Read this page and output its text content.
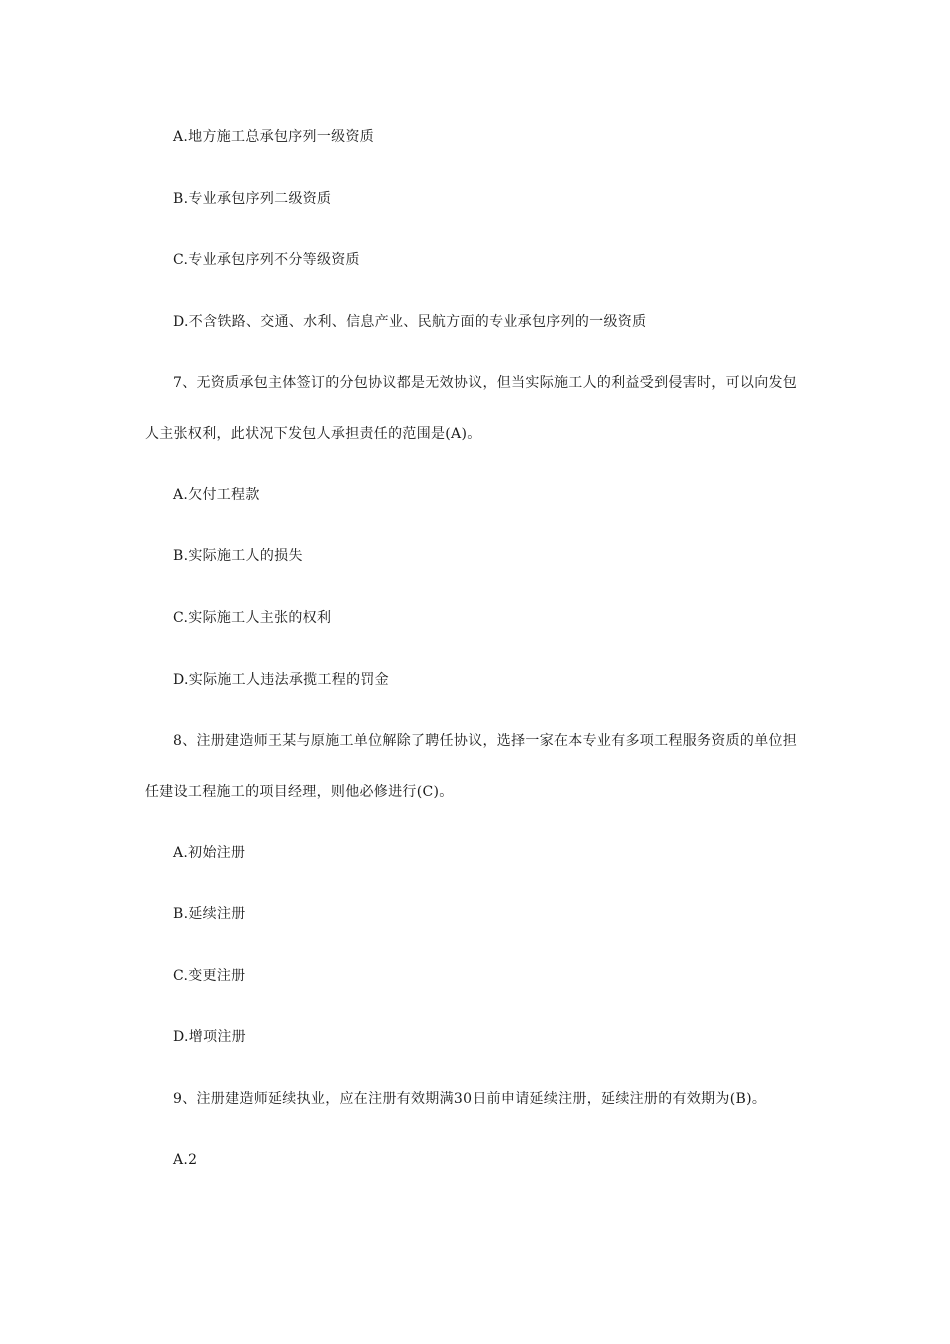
A.地方施工总承包序列一级资质
B.专业承包序列二级资质
C.专业承包序列不分等级资质
D.不含铁路、交通、水利、信息产业、民航方面的专业承包序列的一级资质
7、无资质承包主体签订的分包协议都是无效协议，但当实际施工人的利益受到侵害时，可以向发包
人主张权利，此状况下发包人承担责任的范围是(A)。
A.欠付工程款
B.实际施工人的损失
C.实际施工人主张的权利
D.实际施工人违法承揽工程的罚金
8、注册建造师王某与原施工单位解除了聘任协议，选择一家在本专业有多项工程服务资质的单位担
任建设工程施工的项目经理，则他必修进行(C)。
A.初始注册
B.延续注册
C.变更注册
D.增项注册
9、注册建造师延续执业，应在注册有效期满30日前申请延续注册，延续注册的有效期为(B)。
A.2
